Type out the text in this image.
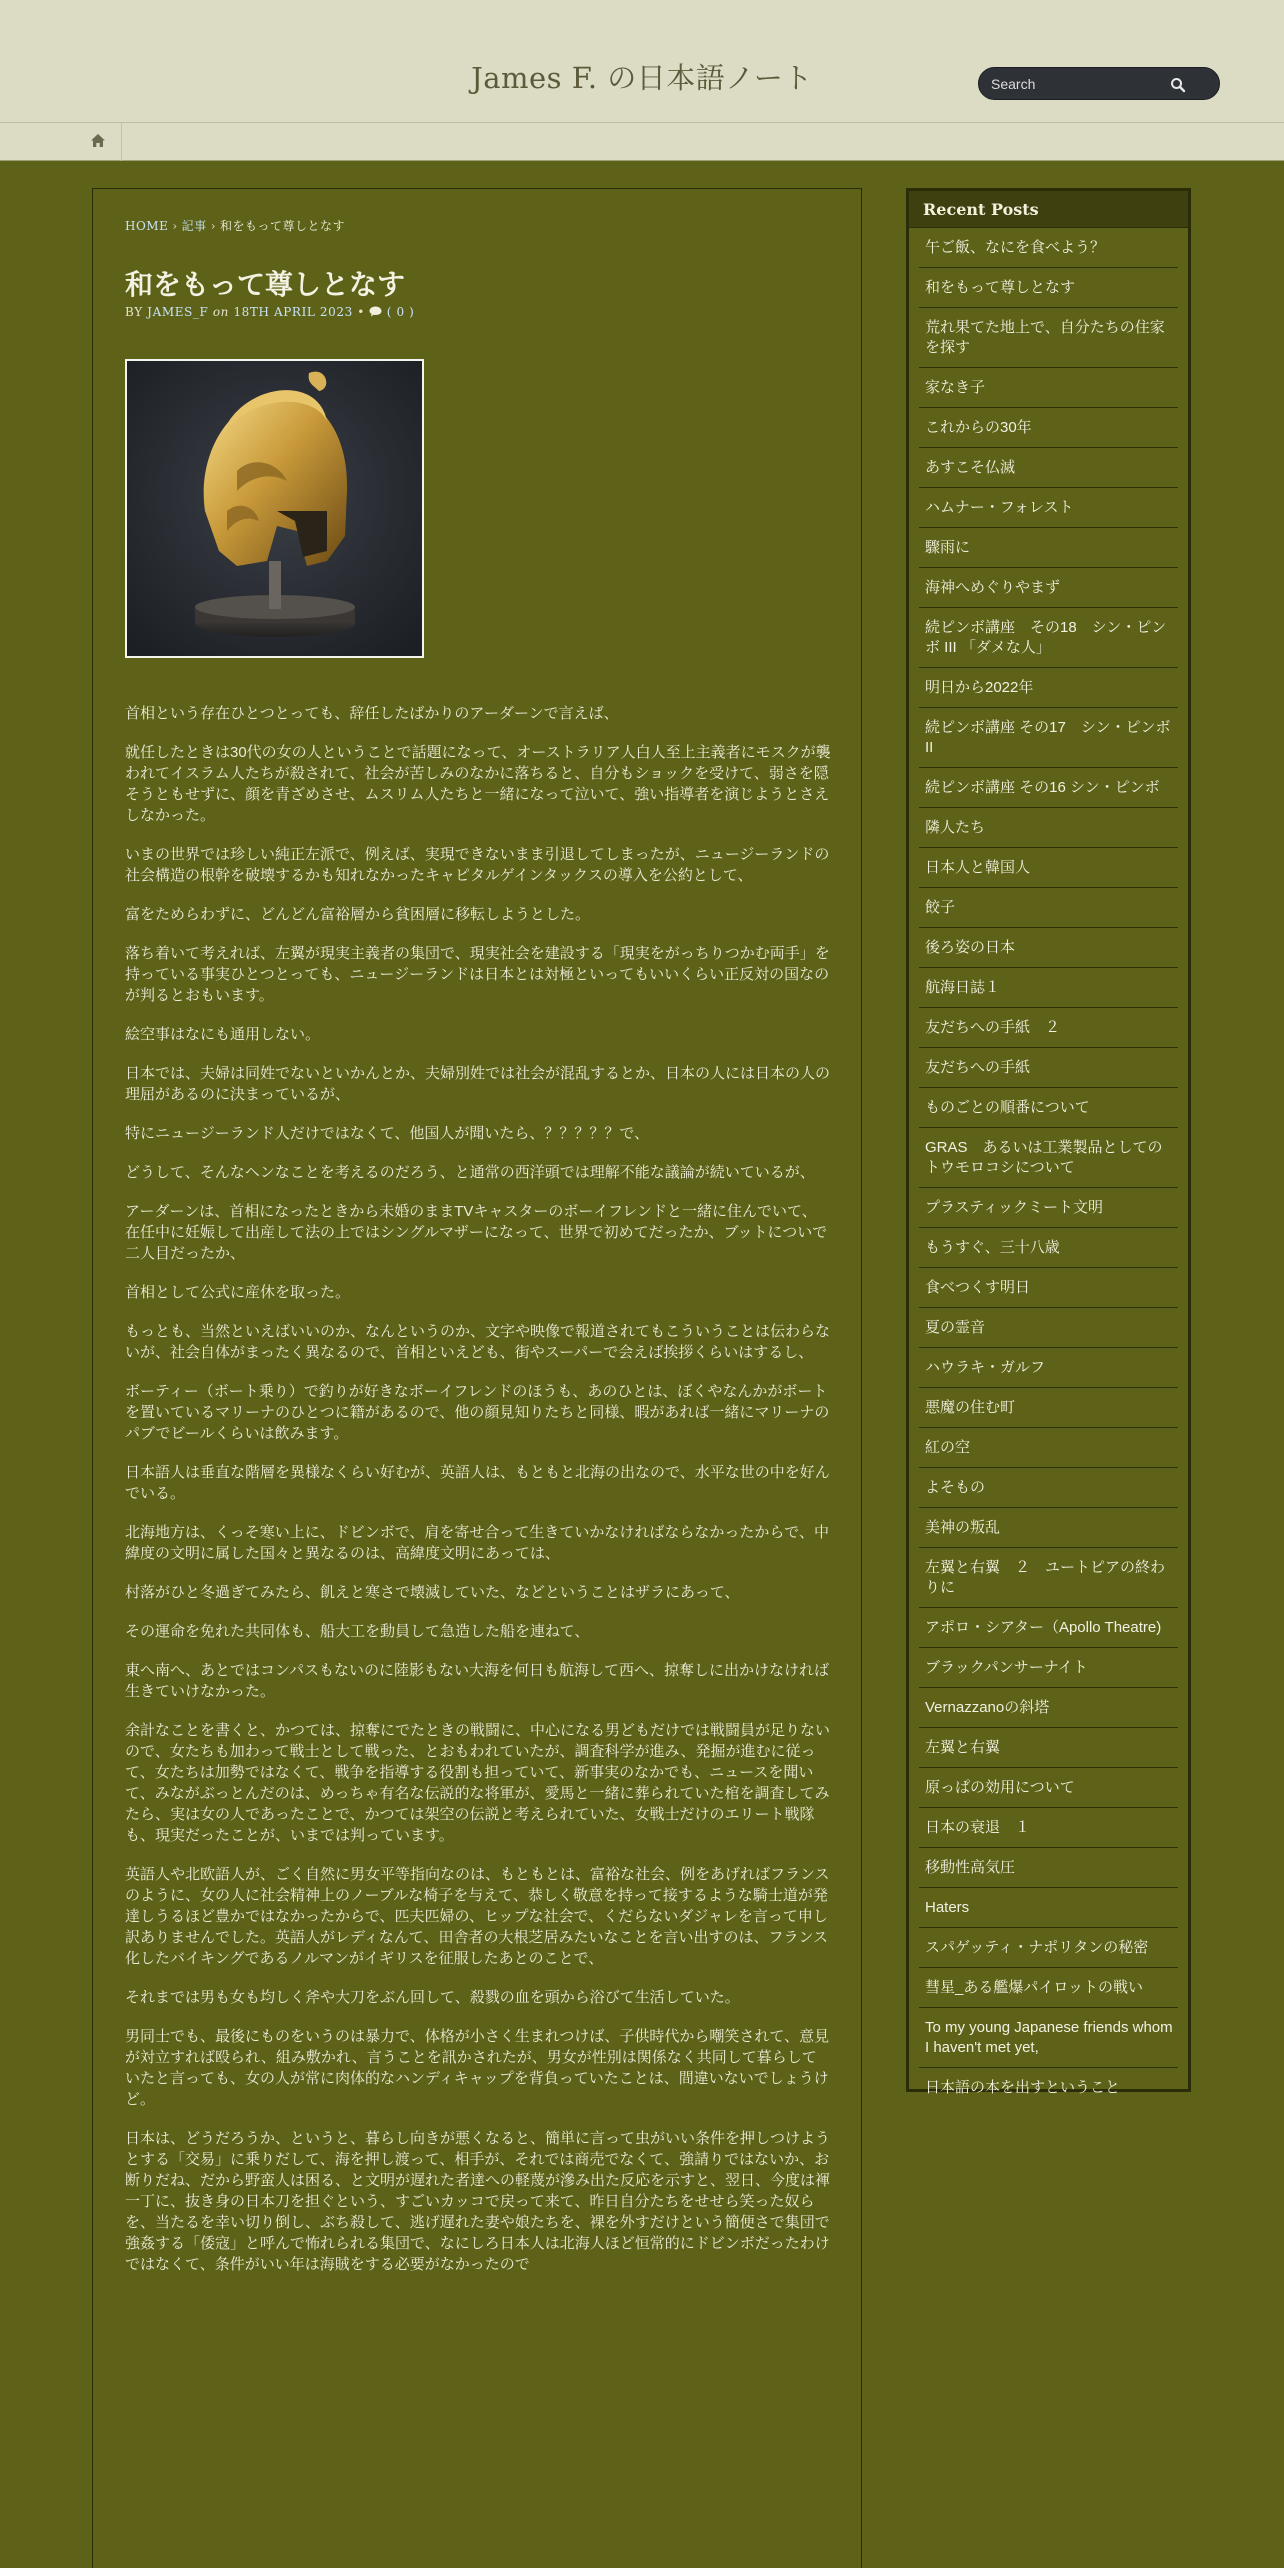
James F. の日本語ノート
Search
HOME › 記事 › 和をもって尊しとなす
和をもって尊しとなす
BY JAMES_F on 18TH APRIL 2023 • ( 0 )

首相という存在ひとつとっても、辞任したばかりのアーダーンで言えば、

就任したときは30代の女の人ということで話題になって、オーストラリア人白人至上主義者にモスクが襲われてイスラム人たちが殺されて、社会が苦しみのなかに落ちると、自分もショックを受けて、弱さを隠そうともせずに、顔を青ざめさせ、ムスリム人たちと一緒になって泣いて、強い指導者を演じようとさえしなかった。

いまの世界では珍しい純正左派で、例えば、実現できないまま引退してしまったが、ニュージーランドの社会構造の根幹を破壊するかも知れなかったキャピタルゲインタックスの導入を公約として、

富をためらわずに、どんどん富裕層から貧困層に移転しようとした。

落ち着いて考えれば、左翼が現実主義者の集団で、現実社会を建設する「現実をがっちりつかむ両手」を持っている事実ひとつとっても、ニュージーランドは日本とは対極といってもいいくらい正反対の国なのが判るとおもいます。

絵空事はなにも通用しない。

日本では、夫婦は同姓でないといかんとか、夫婦別姓では社会が混乱するとか、日本の人には日本の人の理屈があるのに決まっているが、

特にニュージーランド人だけではなくて、他国人が聞いたら、？？？？？で、

どうして、そんなヘンなことを考えるのだろう、と通常の西洋頭では理解不能な議論が続いているが、

アーダーンは、首相になったときから未婚のままTVキャスターのボーイフレンドと一緒に住んでいて、在任中に妊娠して出産して法の上ではシングルマザーになって、世界で初めてだったか、ブットについで二人目だったか、

首相として公式に産休を取った。

もっとも、当然といえばいいのか、なんというのか、文字や映像で報道されてもこういうことは伝わらないが、社会自体がまったく異なるので、首相といえども、街やスーパーで会えば挨拶くらいはするし、

ボーティー（ボート乗り）で釣りが好きなボーイフレンドのほうも、あのひとは、ぼくやなんかがボートを置いているマリーナのひとつに籍があるので、他の顔見知りたちと同様、暇があれば一緒にマリーナのパブでビールくらいは飲みます。

日本語人は垂直な階層を異様なくらい好むが、英語人は、もともと北海の出なので、水平な世の中を好んでいる。

北海地方は、くっそ寒い上に、ドビンボで、肩を寄せ合って生きていかなければならなかったからで、中緯度の文明に属した国々と異なるのは、高緯度文明にあっては、

村落がひと冬過ぎてみたら、飢えと寒さで壊滅していた、などということはザラにあって、

その運命を免れた共同体も、船大工を動員して急造した船を連ねて、

東へ南へ、あとではコンパスもないのに陸影もない大海を何日も航海して西へ、掠奪しに出かけなければ生きていけなかった。

余計なことを書くと、かつては、掠奪にでたときの戦闘に、中心になる男どもだけでは戦闘員が足りないので、女たちも加わって戦士として戦った、とおもわれていたが、調査科学が進み、発掘が進むに従って、女たちは加勢ではなくて、戦争を指導する役割も担っていて、新事実のなかでも、ニュースを聞いて、みながぶっとんだのは、めっちゃ有名な伝説的な将軍が、愛馬と一緒に葬られていた棺を調査してみたら、実は女の人であったことで、かつては架空の伝説と考えられていた、女戦士だけのエリート戦隊も、現実だったことが、いまでは判っています。

英語人や北欧語人が、ごく自然に男女平等指向なのは、もともとは、富裕な社会、例をあげればフランスのように、女の人に社会精神上のノーブルな椅子を与えて、恭しく敬意を持って接するような騎士道が発達しうるほど豊かではなかったからで、匹夫匹婦の、ヒップな社会で、くだらないダジャレを言って申し訳ありませんでした。英語人がレディなんて、田舎者の大根芝居みたいなことを言い出すのは、フランス化したバイキングであるノルマンがイギリスを征服したあとのことで、

それまでは男も女も均しく斧や大刀をぶん回して、殺戮の血を頭から浴びて生活していた。

男同士でも、最後にものをいうのは暴力で、体格が小さく生まれつけば、子供時代から嘲笑されて、意見が対立すれば殴られ、組み敷かれ、言うことを訊かされたが、男女が性別は関係なく共同して暮らしていたと言っても、女の人が常に肉体的なハンディキャップを背負っていたことは、間違いないでしょうけど。

日本は、どうだろうか、というと、暮らし向きが悪くなると、簡単に言って虫がいい条件を押しつけようとする「交易」に乗りだして、海を押し渡って、相手が、それでは商売でなくて、強請りではないか、お断りだね、だから野蛮人は困る、と文明が遅れた者達への軽蔑が滲み出た反応を示すと、翌日、今度は褌一丁に、抜き身の日本刀を担ぐという、すごいカッコで戻って来て、昨日自分たちをせせら笑った奴らを、当たるを幸い切り倒し、ぶち殺して、逃げ遅れた妻や娘たちを、裸を外すだけという簡便さで集団で強姦する「倭寇」と呼んで怖れられる集団で、なにしろ日本人は北海人ほど恒常的にドビンボだったわけではなくて、条件がいい年は海賊をする必要がなかったので

Recent Posts
午ご飯、なにを食べよう？
和をもって尊しとなす
荒れ果てた地上で、自分たちの住家を探す
家なき子
これからの30年
あすこそ仏滅
ハムナー・フォレスト
驟雨に
海神へめぐりやまず
続ピンボ講座　その18　シン・ピンボ III 「ダメな人」
明日から2022年
続ピンボ講座 その17　シン・ピンボ II
続ピンボ講座 その16 シン・ピンボ
隣人たち
日本人と韓国人
餃子
後ろ姿の日本
航海日誌１
友だちへの手紙　２
友だちへの手紙
ものごとの順番について
GRAS　あるいは工業製品としてのトウモロコシについて
プラスティックミート文明
もうすぐ、三十八歳
食べつくす明日
夏の霊音
ハウラキ・ガルフ
悪魔の住む町
紅の空
よそもの
美神の叛乱
左翼と右翼　２　ユートピアの終わりに
アポロ・シアター（Apollo Theatre)
ブラックパンサーナイト
Vernazzanoの斜塔
左翼と右翼
原っぱの効用について
日本の衰退　１
移動性高気圧
Haters
スパゲッティ・ナポリタンの秘密
彗星_ある艦爆パイロットの戦い
To my young Japanese friends whom I haven't met yet,
日本語の本を出すということ
